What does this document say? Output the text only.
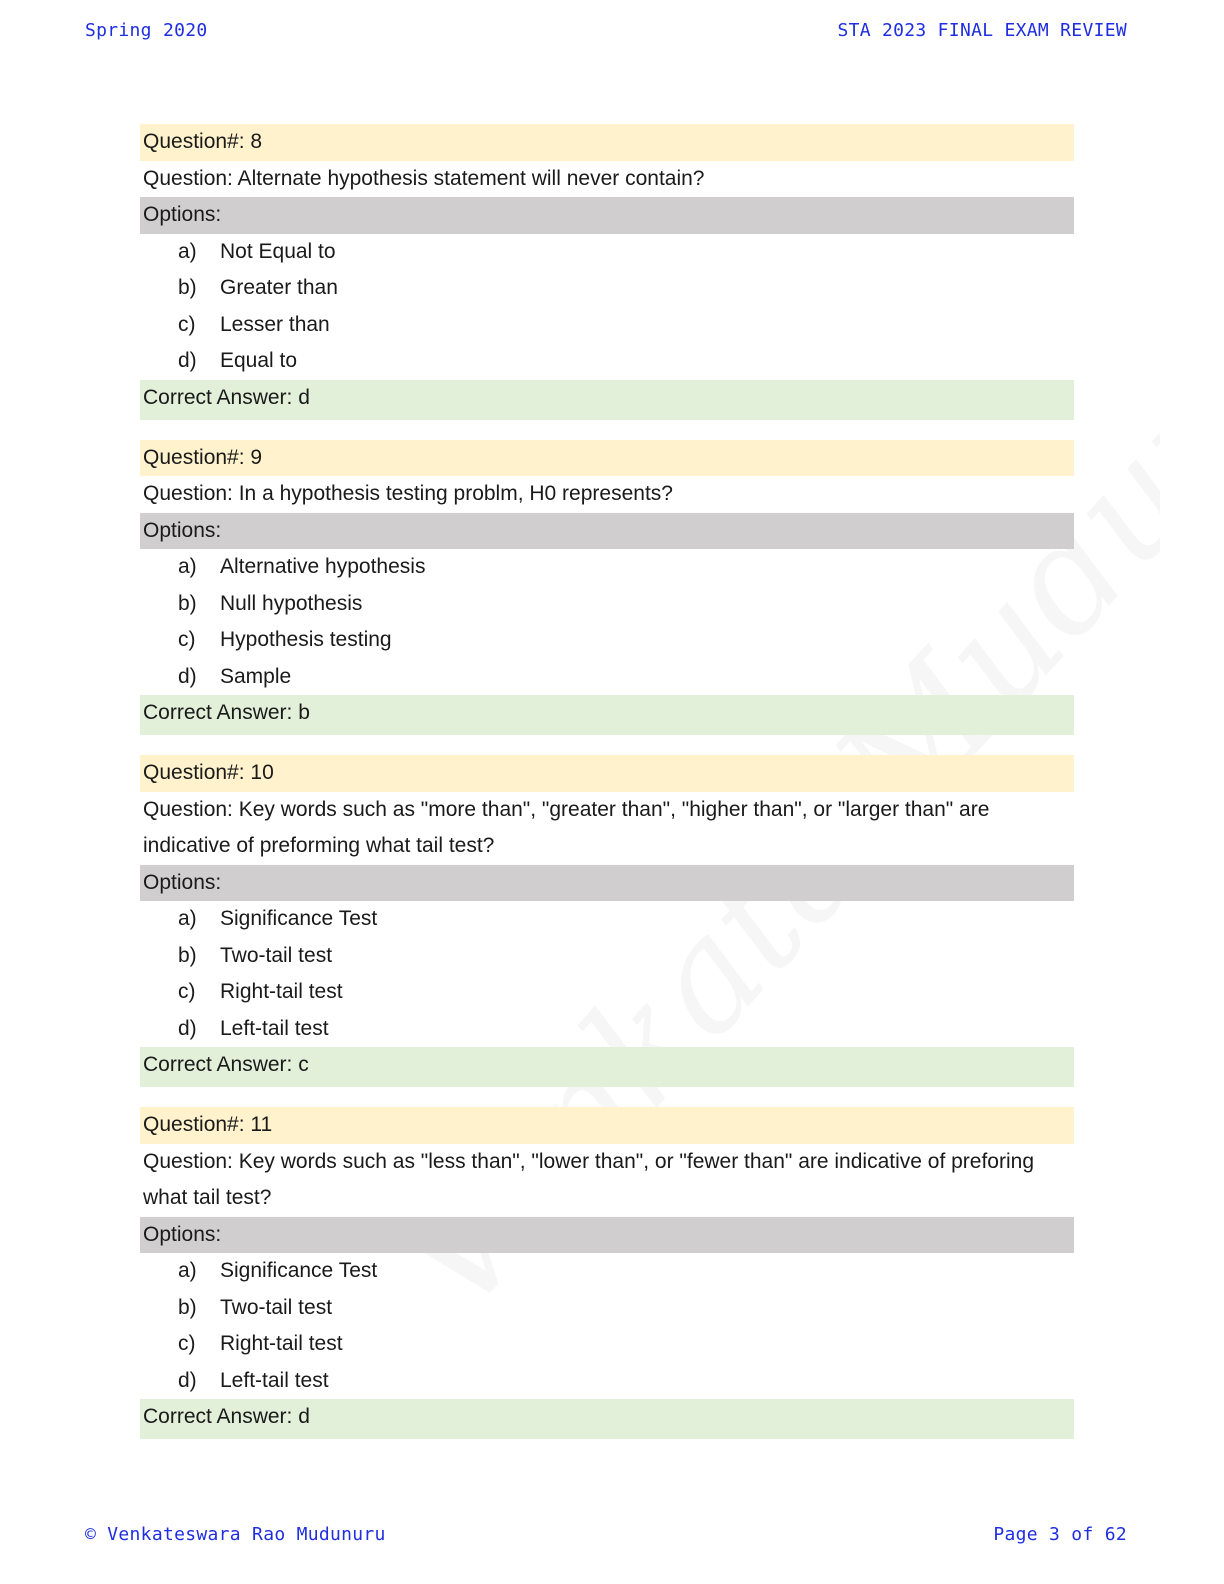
Spring 2020	STA 2023 FINAL EXAM REVIEW
Question#: 8
Question: Alternate hypothesis statement will never contain?
Options:
a)	Not Equal to
b)	Greater than
c)	Lesser than
d)	Equal to
Correct Answer: d
Question#: 9
Question: In a hypothesis testing problm, H0 represents?
Options:
a)	Alternative hypothesis
b)	Null hypothesis
c)	Hypothesis testing
d)	Sample
Correct Answer: b
Question#: 10
Question: Key words such as "more than", "greater than", "higher than", or "larger than" are indicative of preforming what tail test?
Options:
a)	Significance Test
b)	Two-tail test
c)	Right-tail test
d)	Left-tail test
Correct Answer: c
Question#: 11
Question: Key words such as "less than", "lower than", or "fewer than" are indicative of preforing what tail test?
Options:
a)	Significance Test
b)	Two-tail test
c)	Right-tail test
d)	Left-tail test
Correct Answer: d
© Venkateswara Rao Mudunuru	Page 3 of 62
